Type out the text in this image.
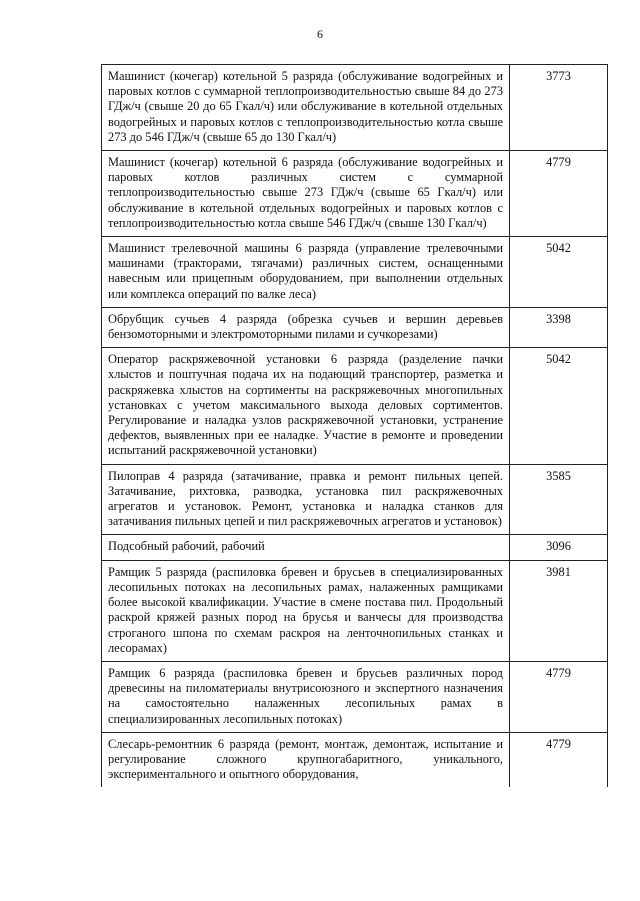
6
Машинист (кочегар) котельной 5 разряда (обслуживание водогрейных и паровых котлов с суммарной теплопроизводительностью свыше 84 до 273 ГДж/ч (свыше 20 до 65 Гкал/ч) или обслуживание в котельной отдельных водогрейных и паровых котлов с теплопроизводительностью котла свыше 273 до 546 ГДж/ч (свыше 65 до 130 Гкал/ч)	3773
Машинист (кочегар) котельной 6 разряда (обслуживание водогрейных и паровых котлов различных систем с суммарной теплопроизводительностью свыше 273 ГДж/ч (свыше 65 Гкал/ч) или обслуживание в котельной отдельных водогрейных и паровых котлов с теплопроизводительностью котла свыше 546 ГДж/ч (свыше 130 Гкал/ч)	4779
Машинист трелевочной машины 6 разряда (управление трелевочными машинами (тракторами, тягачами) различных систем, оснащенными навесным или прицепным оборудованием, при выполнении отдельных или комплекса операций по валке леса)	5042
Обрубщик сучьев 4 разряда (обрезка сучьев и вершин деревьев бензомоторными и электромоторными пилами и сучкорезами)	3398
Оператор раскряжевочной установки 6 разряда (разделение пачки хлыстов и поштучная подача их на подающий транспортер, разметка и раскряжевка хлыстов на сортименты на раскряжевочных многопильных установках с учетом максимального выхода деловых сортиментов. Регулирование и наладка узлов раскряжевочной установки, устранение дефектов, выявленных при ее наладке. Участие в ремонте и проведении испытаний раскряжевочной установки)	5042
Пилоправ 4 разряда (затачивание, правка и ремонт пильных цепей. Затачивание, рихтовка, разводка, установка пил раскряжевочных агрегатов и установок. Ремонт, установка и наладка станков для затачивания пильных цепей и пил раскряжевочных агрегатов и установок)	3585
Подсобный рабочий, рабочий	3096
Рамщик 5 разряда (распиловка бревен и брусьев в специализированных лесопильных потоках на лесопильных рамах, налаженных рамщиками более высокой квалификации. Участие в смене постава пил. Продольный раскрой кряжей разных пород на брусья и ванчесы для производства строганого шпона по схемам раскроя на ленточнопильных станках и лесорамах)	3981
Рамщик 6 разряда (распиловка бревен и брусьев различных пород древесины на пиломатериалы внутрисоюзного и экспертного назначения на самостоятельно налаженных лесопильных рамах в специализированных лесопильных потоках)	4779
Слесарь-ремонтник 6 разряда (ремонт, монтаж, демонтаж, испытание и регулирование сложного крупногабаритного, уникального, экспериментального и опытного оборудования,	4779
